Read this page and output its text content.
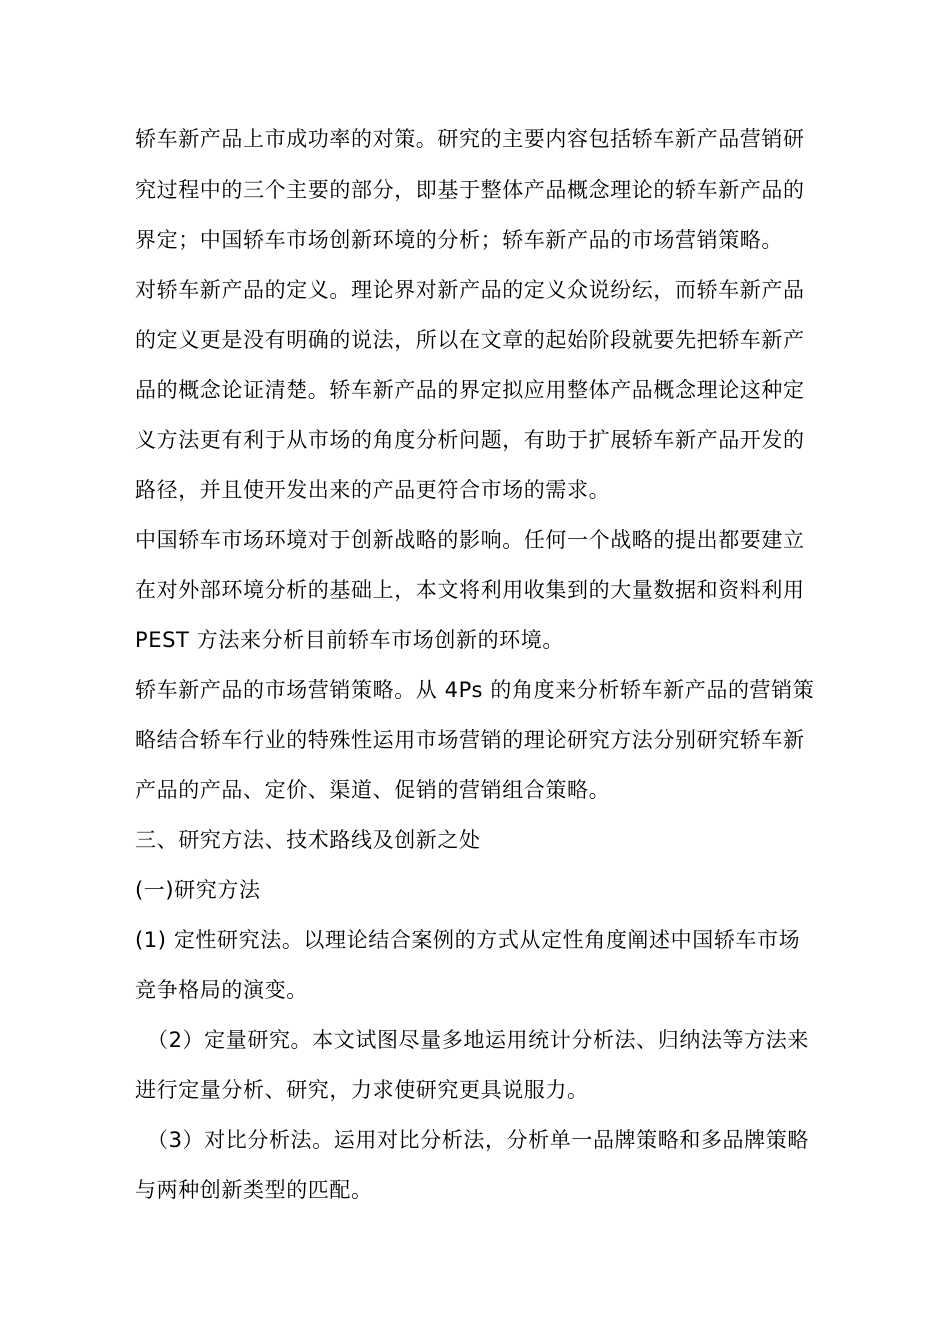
轿车新产品上市成功率的对策。研究的主要内容包括轿车新产品营销研
究过程中的三个主要的部分，即基于整体产品概念理论的轿车新产品的
界定；中国轿车市场创新环境的分析；轿车新产品的市场营销策略。
对轿车新产品的定义。理论界对新产品的定义众说纷纭，而轿车新产品
的定义更是没有明确的说法，所以在文章的起始阶段就要先把轿车新产
品的概念论证清楚。轿车新产品的界定拟应用整体产品概念理论这种定
义方法更有利于从市场的角度分析问题，有助于扩展轿车新产品开发的
路径，并且使开发出来的产品更符合市场的需求。
中国轿车市场环境对于创新战略的影响。任何一个战略的提出都要建立
在对外部环境分析的基础上，本文将利用收集到的大量数据和资料利用
PEST 方法来分析目前轿车市场创新的环境。
轿车新产品的市场营销策略。从 4Ps 的角度来分析轿车新产品的营销策
略结合轿车行业的特殊性运用市场营销的理论研究方法分别研究轿车新
产品的产品、定价、渠道、促销的营销组合策略。
三、研究方法、技术路线及创新之处
(一)研究方法
(1) 定性研究法。以理论结合案例的方式从定性角度阐述中国轿车市场
竞争格局的演变。
（2）定量研究。本文试图尽量多地运用统计分析法、归纳法等方法来
进行定量分析、研究，力求使研究更具说服力。
（3）对比分析法。运用对比分析法，分析单一品牌策略和多品牌策略
与两种创新类型的匹配。
